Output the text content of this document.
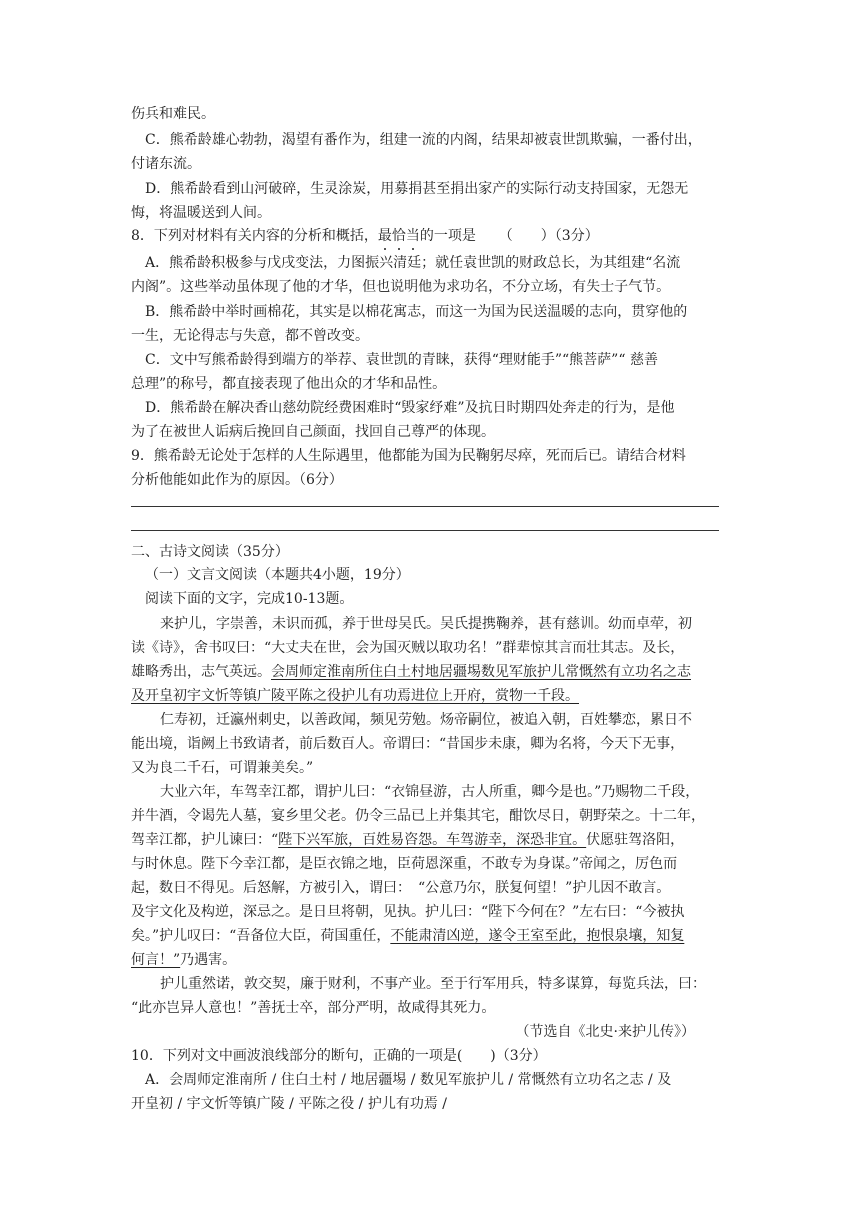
伤兵和难民。
C．熊希龄雄心勃勃，渴望有番作为，组建一流的内阁，结果却被袁世凯欺骗，一番付出，
付诸东流。
D．熊希龄看到山河破碎，生灵涂炭，用募捐甚至捐出家产的实际行动支持国家，无怨无
悔，将温暖送到人间。
8．下列对材料有关内容的分析和概括，最恰当的一项是 　 （　　）（3分）
A．熊希龄积极参与戊戌变法，力图振兴清廷；就任袁世凯的财政总长，为其组建“名流
内阁”。这些举动虽体现了他的才华，但也说明他为求功名，不分立场，有失士子气节。
B．熊希龄中举时画棉花，其实是以棉花寓志，而这一为国为民送温暖的志向，贯穿他的
一生，无论得志与失意，都不曾改变。
C．文中写熊希龄得到端方的举荐、袁世凯的青睐，获得“理财能手”“熊菩萨”“ 慈善
总理”的称号，都直接表现了他出众的才华和品性。
D．熊希龄在解决香山慈幼院经费困难时“毁家纾难”及抗日时期四处奔走的行为，是他
为了在被世人诟病后挽回自己颜面，找回自己尊严的体现。
9．熊希龄无论处于怎样的人生际遇里，他都能为国为民鞠躬尽瘁，死而后已。请结合材料
分析他能如此作为的原因。（6分）
二、古诗文阅读（35分）
（一）文言文阅读（本题共4小题，19分）
阅读下面的文字，完成10-13题。
来护儿，字崇善，未识而孤，养于世母吴氏。吴氏提携鞠养，甚有慈训。幼而卓荦，初
读《诗》，舍书叹曰：“大丈夫在世，会为国灭贼以取功名！”群辈惊其言而壮其志。及长，
雄略秀出，志气英远。会周师定淮南所住白土村地居疆埸数见军旅护儿常慨然有立功名之志
及开皇初宇文忻等镇广陵平陈之役护儿有功焉进位上开府，赏物一千段。
仁寿初，迁瀛州刺史，以善政闻，频见劳勉。炀帝嗣位，被追入朝，百姓攀恋，累日不
能出境，诣阙上书致请者，前后数百人。帝谓曰：“昔国步未康，卿为名将，今天下无事，
又为良二千石，可谓兼美矣。”
大业六年，车驾幸江都，谓护儿曰：“衣锦昼游，古人所重，卿今是也。”乃赐物二千段，
并牛酒，令谒先人墓，宴乡里父老。仍令三品已上并集其宅，酣饮尽日，朝野荣之。十二年，
驾幸江都，护儿谏曰：“陛下兴军旅，百姓易咨怨。车驾游幸，深恐非宜。伏愿驻驾洛阳，
与时休息。陛下今幸江都，是臣衣锦之地，臣荷恩深重，不敢专为身谋。”帝闻之，厉色而
起，数日不得见。后怒解，方被引入，谓曰：　“公意乃尔，朕复何望！”护儿因不敢言。
及宇文化及构逆，深忌之。是日旦将朝，见执。护儿曰：“陛下今何在？”左右曰：“今被执
矣。”护儿叹曰：“吾备位大臣，荷国重任，不能肃清凶逆，遂令王室至此，抱恨泉壤，知复
何言！”乃遇害。
护儿重然诺，敦交契，廉于财利，不事产业。至于行军用兵，特多谋算，每览兵法，曰：
“此亦岂异人意也！”善抚士卒，部分严明，故咸得其死力。
（节选自《北史·来护儿传》）
10．下列对文中画波浪线部分的断句，正确的一项是(　　)（3分）
A．会周师定淮南所 / 住白土村 / 地居疆埸 / 数见军旅护儿 / 常慨然有立功名之志 / 及
开皇初 / 宇文忻等镇广陵 / 平陈之役 / 护儿有功焉 /
